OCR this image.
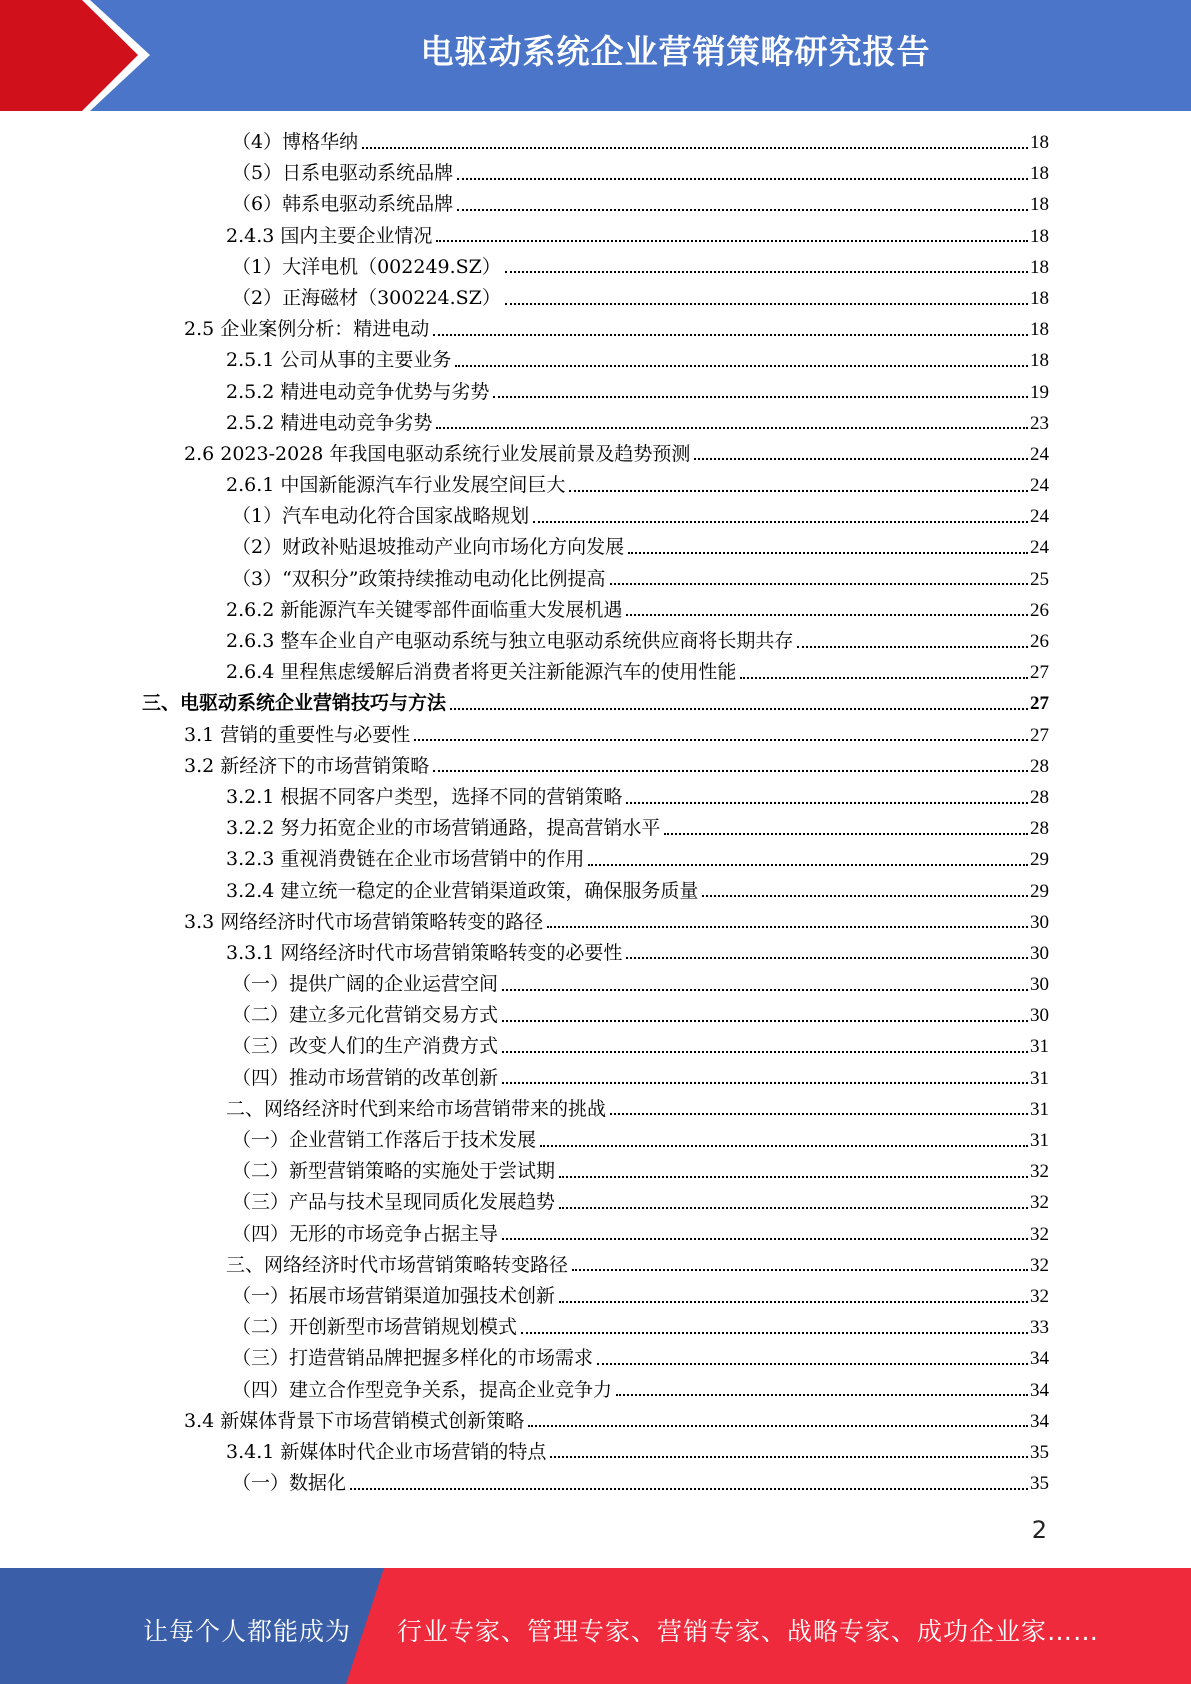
电驱动系统企业营销策略研究报告
（4）博格华纳	18
（5）日系电驱动系统品牌	18
（6）韩系电驱动系统品牌	18
2.4.3 国内主要企业情况	18
（1）大洋电机（002249.SZ）	18
（2）正海磁材（300224.SZ）	18
2.5 企业案例分析：精进电动	18
2.5.1 公司从事的主要业务	18
2.5.2 精进电动竞争优势与劣势	19
2.5.2 精进电动竞争劣势	23
2.6 2023-2028 年我国电驱动系统行业发展前景及趋势预测	24
2.6.1 中国新能源汽车行业发展空间巨大	24
（1）汽车电动化符合国家战略规划	24
（2）财政补贴退坡推动产业向市场化方向发展	24
（3）“双积分”政策持续推动电动化比例提高	25
2.6.2 新能源汽车关键零部件面临重大发展机遇	26
2.6.3 整车企业自产电驱动系统与独立电驱动系统供应商将长期共存	26
2.6.4 里程焦虑缓解后消费者将更关注新能源汽车的使用性能	27
三、电驱动系统企业营销技巧与方法	27
3.1 营销的重要性与必要性	27
3.2 新经济下的市场营销策略	28
3.2.1 根据不同客户类型，选择不同的营销策略	28
3.2.2 努力拓宽企业的市场营销通路，提高营销水平	28
3.2.3 重视消费链在企业市场营销中的作用	29
3.2.4 建立统一稳定的企业营销渠道政策，确保服务质量	29
3.3 网络经济时代市场营销策略转变的路径	30
3.3.1 网络经济时代市场营销策略转变的必要性	30
（一）提供广阔的企业运营空间	30
（二）建立多元化营销交易方式	30
（三）改变人们的生产消费方式	31
（四）推动市场营销的改革创新	31
二、网络经济时代到来给市场营销带来的挑战	31
（一）企业营销工作落后于技术发展	31
（二）新型营销策略的实施处于尝试期	32
（三）产品与技术呈现同质化发展趋势	32
（四）无形的市场竞争占据主导	32
三、网络经济时代市场营销策略转变路径	32
（一）拓展市场营销渠道加强技术创新	32
（二）开创新型市场营销规划模式	33
（三）打造营销品牌把握多样化的市场需求	34
（四）建立合作型竞争关系，提高企业竞争力	34
3.4 新媒体背景下市场营销模式创新策略	34
3.4.1 新媒体时代企业市场营销的特点	35
（一）数据化	35
2
让每个人都能成为 行业专家、管理专家、营销专家、战略专家、成功企业家……
